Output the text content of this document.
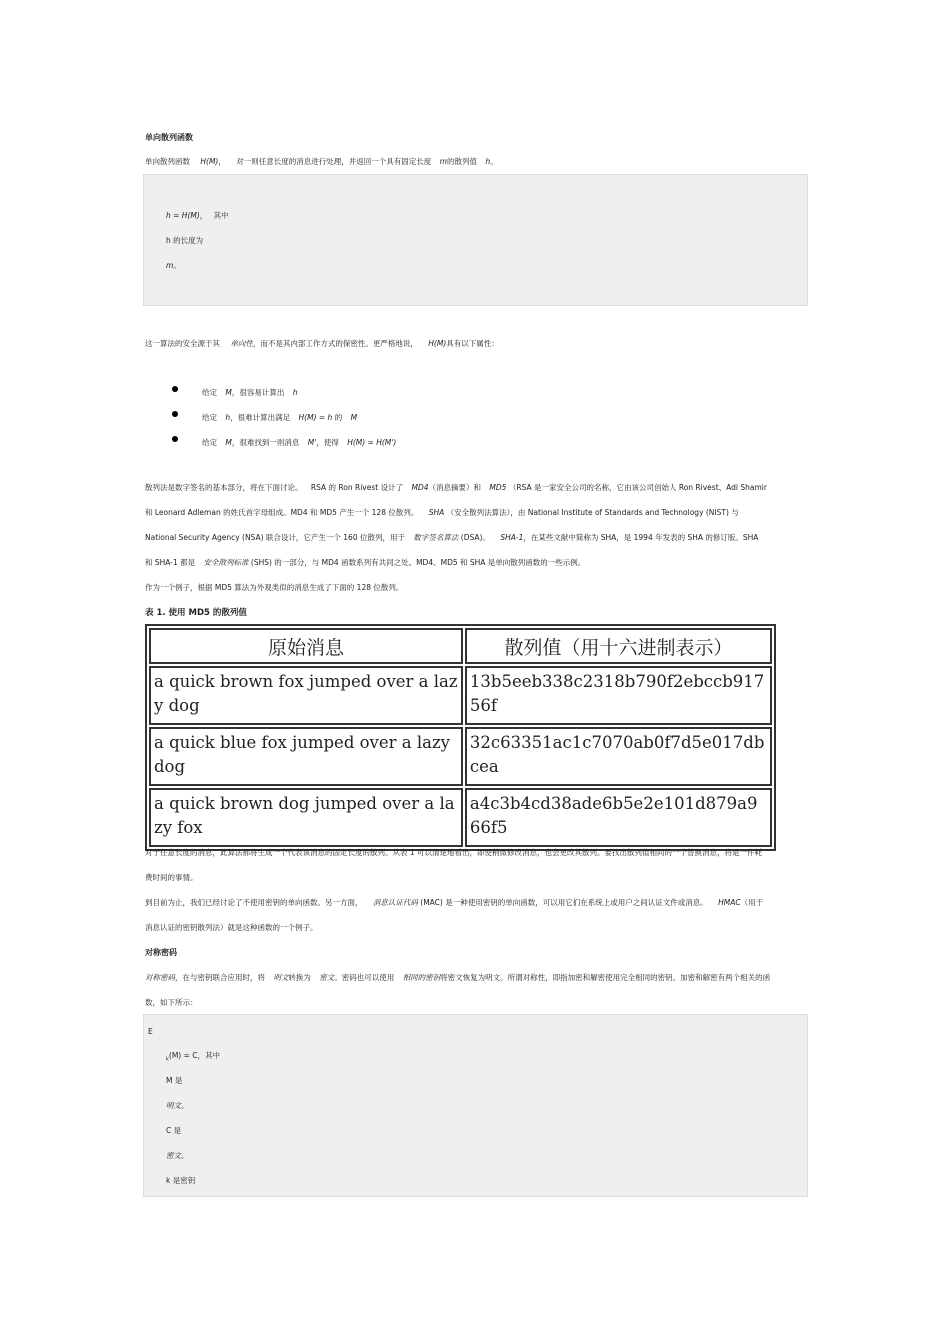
单向散列函数
单向散列函数 H(M)， 对一则任意长度的消息进行处理，并返回一个具有固定长度 m的散列值 h。
h = H(M)， 其中
h 的长度为
m。
这一算法的安全源于其 单向性，而不是其内部工作方式的保密性。更严格地说， H(M)具有以下属性：
给定 M，很容易计算出 h
给定 h，很难计算出满足 H(M) = h 的 M
给定 M，很难找到一则消息 M'，使得 H(M) = H(M')
散列法是数字签名的基本部分，将在下面讨论。 RSA 的 Ron Rivest 设计了 MD4（消息摘要）和 MD5 （RSA 是一家安全公司的名称，它由该公司创始人 Ron Rivest、Adi Shamir
和 Leonard Adleman 的姓氏首字母组成。MD4 和 MD5 产生一个 128 位散列。 SHA （安全散列法算法），由 National Institute of Standards and Technology (NIST) 与
National Security Agency (NSA) 联合设计，它产生一个 160 位散列，用于 数字签名算法 (DSA)。 SHA-1，在某些文献中简称为 SHA，是 1994 年发表的 SHA 的修订版。SHA
和 SHA-1 都是 安全散列标准 (SHS) 的一部分，与 MD4 函数系列有共同之处。MD4、MD5 和 SHA 是单向散列函数的一些示例。
作为一个例子，根据 MD5 算法为外观类似的消息生成了下面的 128 位散列。
表 1. 使用 MD5 的散列值
原始消息	散列值（用十六进制表示）
a quick brown fox jumped over a lazy dog	13b5eeb338c2318b790f2ebccb91756f
a quick blue fox jumped over a lazy dog	32c63351ac1c7070ab0f7d5e017dbcea
a quick brown dog jumped over a lazy fox	a4c3b4cd38ade6b5e2e101d879a966f5
对于任意长度的消息，此算法都将生成一个代表该消息的固定长度的散列。从表 1 可以清楚地看出，即使稍微修改消息，也会更改其散列。要找出散列值相同的一个替换消息，将是一件耗
费时间的事情。
到目前为止，我们已经讨论了不使用密钥的单向函数。另一方面， 消息认证代码 (MAC) 是一种使用密钥的单向函数，可以用它们在系统上或用户之间认证文件或消息。 HMAC（用于
消息认证的密钥散列法）就是这种函数的一个例子。
对称密码
对称密码，在与密钥联合应用时，将 明文转换为 密文。密码也可以使用 相同的密钥将密文恢复为明文。所谓对称性，即指加密和解密使用完全相同的密钥。加密和解密有两个相关的函
数，如下所示：
E
$_k$(M) = C，其中
M 是
明文。
C 是
密文。
k 是密钥
